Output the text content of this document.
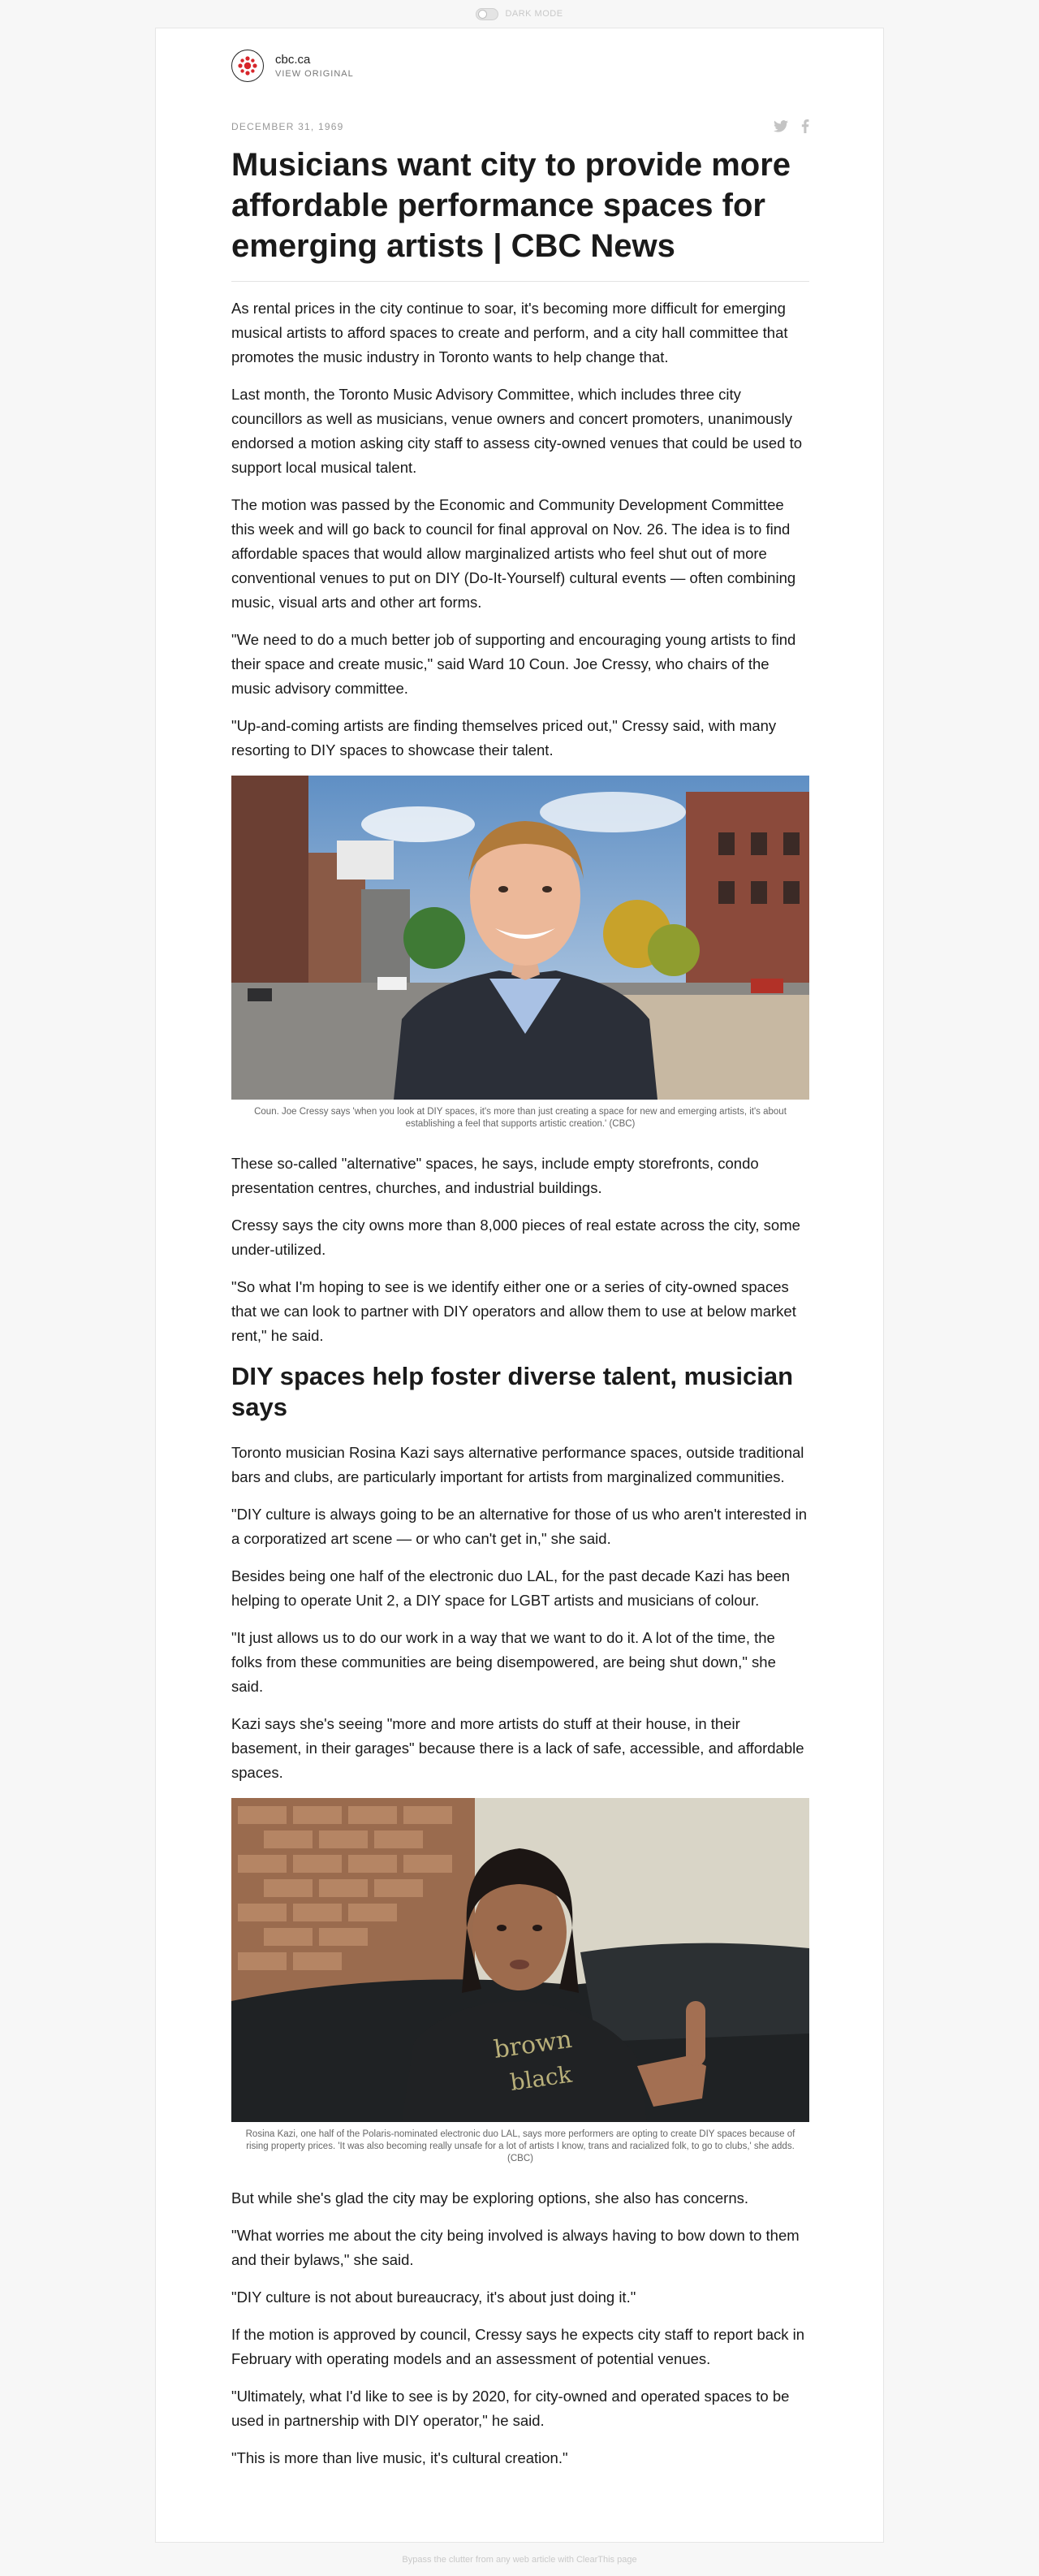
DARK MODE
cbc.ca
VIEW ORIGINAL
DECEMBER 31, 1969
Musicians want city to provide more affordable performance spaces for emerging artists | CBC News

As rental prices in the city continue to soar, it's becoming more difficult for emerging musical artists to afford spaces to create and perform, and a city hall committee that promotes the music industry in Toronto wants to help change that.

Last month, the Toronto Music Advisory Committee, which includes three city councillors as well as musicians, venue owners and concert promoters, unanimously endorsed a motion asking city staff to assess city-owned venues that could be used to support local musical talent.

The motion was passed by the Economic and Community Development Committee this week and will go back to council for final approval on Nov. 26. The idea is to find affordable spaces that would allow marginalized artists who feel shut out of more conventional venues to put on DIY (Do-It-Yourself) cultural events — often combining music, visual arts and other art forms.

"We need to do a much better job of supporting and encouraging young artists to find their space and create music," said Ward 10 Coun. Joe Cressy, who chairs of the music advisory committee.

"Up-and-coming artists are finding themselves priced out," Cressy said, with many resorting to DIY spaces to showcase their talent.

Coun. Joe Cressy says 'when you look at DIY spaces, it's more than just creating a space for new and emerging artists, it's about establishing a feel that supports artistic creation.' (CBC)

These so-called "alternative" spaces, he says, include empty storefronts, condo presentation centres, churches, and industrial buildings.

Cressy says the city owns more than 8,000 pieces of real estate across the city, some under-utilized.

"So what I'm hoping to see is we identify either one or a series of city-owned spaces that we can look to partner with DIY operators and allow them to use at below market rent," he said.

DIY spaces help foster diverse talent, musician says

Toronto musician Rosina Kazi says alternative performance spaces, outside traditional bars and clubs, are particularly important for artists from marginalized communities.

"DIY culture is always going to be an alternative for those of us who aren't interested in a corporatized art scene — or who can't get in," she said.

Besides being one half of the electronic duo LAL, for the past decade Kazi has been helping to operate Unit 2, a DIY space for LGBT artists and musicians of colour.

"It just allows us to do our work in a way that we want to do it. A lot of the time, the folks from these communities are being disempowered, are being shut down," she said.

Kazi says she's seeing "more and more artists do stuff at their house, in their basement, in their garages" because there is a lack of safe, accessible, and affordable spaces.

brown
black
Rosina Kazi, one half of the Polaris-nominated electronic duo LAL, says more performers are opting to create DIY spaces because of rising property prices. 'It was also becoming really unsafe for a lot of artists I know, trans and racialized folk, to go to clubs,' she adds. (CBC)

But while she's glad the city may be exploring options, she also has concerns.

"What worries me about the city being involved is always having to bow down to them and their bylaws," she said.

"DIY culture is not about bureaucracy, it's about just doing it."

If the motion is approved by council, Cressy says he expects city staff to report back in February with operating models and an assessment of potential venues.

"Ultimately, what I'd like to see is by 2020, for city-owned and operated spaces to be used in partnership with DIY operator," he said.

"This is more than live music, it's cultural creation."

Bypass the clutter from any web article with ClearThis page
